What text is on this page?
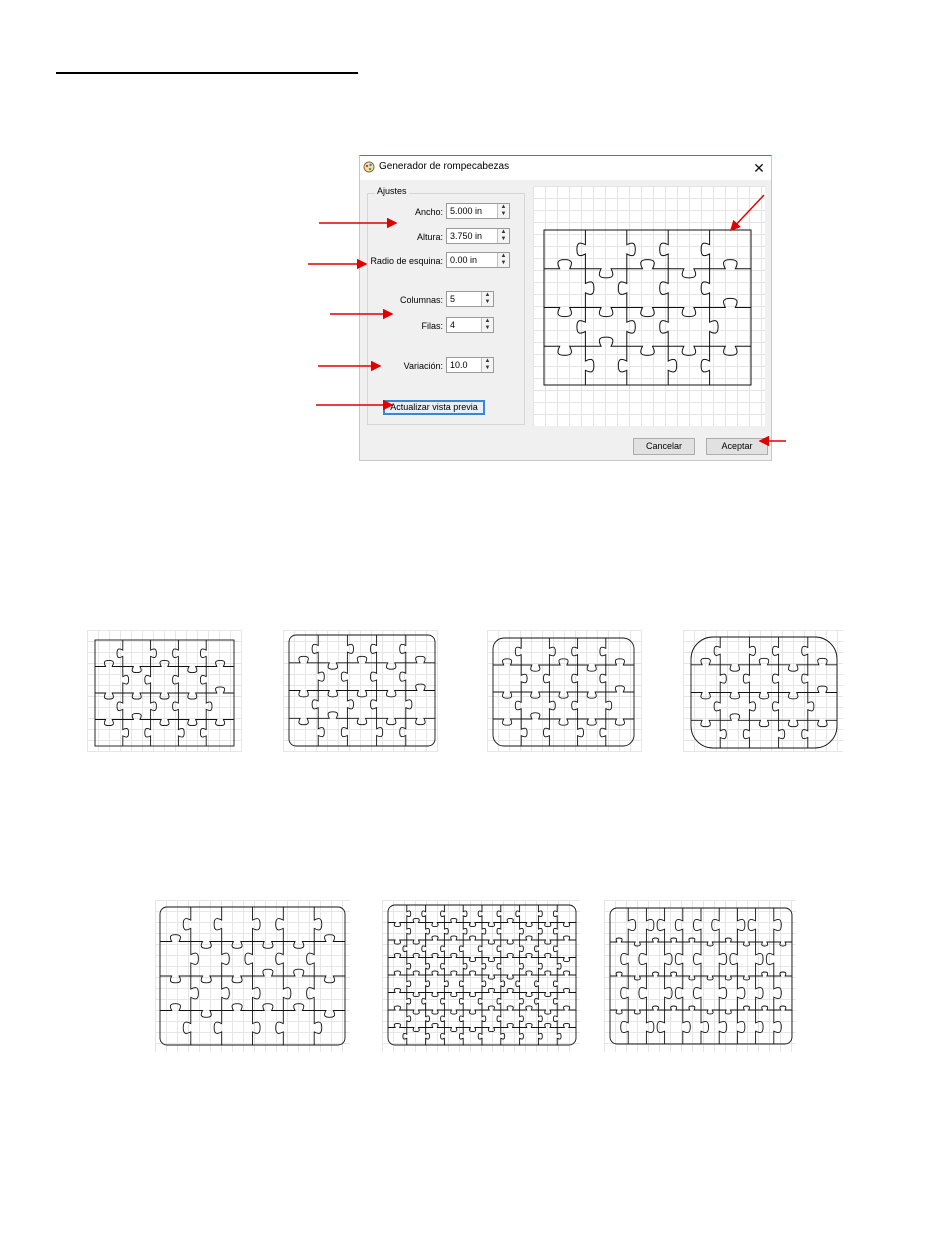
Generador de rompecabezas	✕
Ajustes
Ancho: 5.000 in	▲
▼
Altura: 3.750 in	▲
▼
Radio de esquina: 0.00 in	▲
▼
Columnas: 5	▲
▼
Filas: 4	▲
▼
Variación: 10.0	▲
▼
Actualizar vista previa
Cancelar	Aceptar
